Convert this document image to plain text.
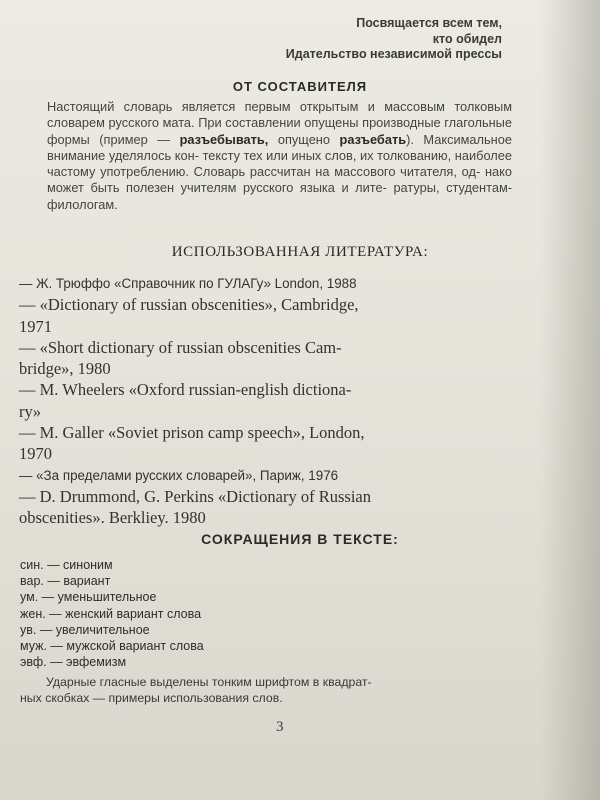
Посвящается всем тем,
кто обидел
Идательство независимой прессы
ОТ СОСТАВИТЕЛЯ
Настоящий словарь является первым открытым и массовым толковым словарем русского мата. При составлении опущены производные глагольные формы (пример — разъебывать, опущено разъебать). Максимальное внимание уделялось кон- тексту тех или иных слов, их толкованию, наиболее частому употреблению. Словарь рассчитан на массового читателя, од- нако может быть полезен учителям русского языка и лите- ратуры, студентам-филологам.
ИСПОЛЬЗОВАННАЯ ЛИТЕРАТУРА:
— Ж. Трюффо «Справочник по ГУЛАГу» London, 1988
— «Dictionary of russian obscenities», Cambridge,
1971
— «Short dictionary of russian obscenities Cam-
bridge», 1980
— M. Wheelers «Oxford russian-english dictiona-
ry»
— M. Galler «Soviet prison camp speech», London,
1970
— «За пределами русских словарей», Париж, 1976
— D. Drummond, G. Perkins «Dictionary of Russian
obscenities». Berkliey. 1980
СОКРАЩЕНИЯ В ТЕКСТЕ:
син. — синоним
вар. — вариант
ум. — уменьшительное
жен. — женский вариант слова
ув. — увеличительное
муж. — мужской вариант слова
эвф. — эвфемизм
Ударные гласные выделены тонким шрифтом в квадрат-
ных скобках — примеры использования слов.
3
